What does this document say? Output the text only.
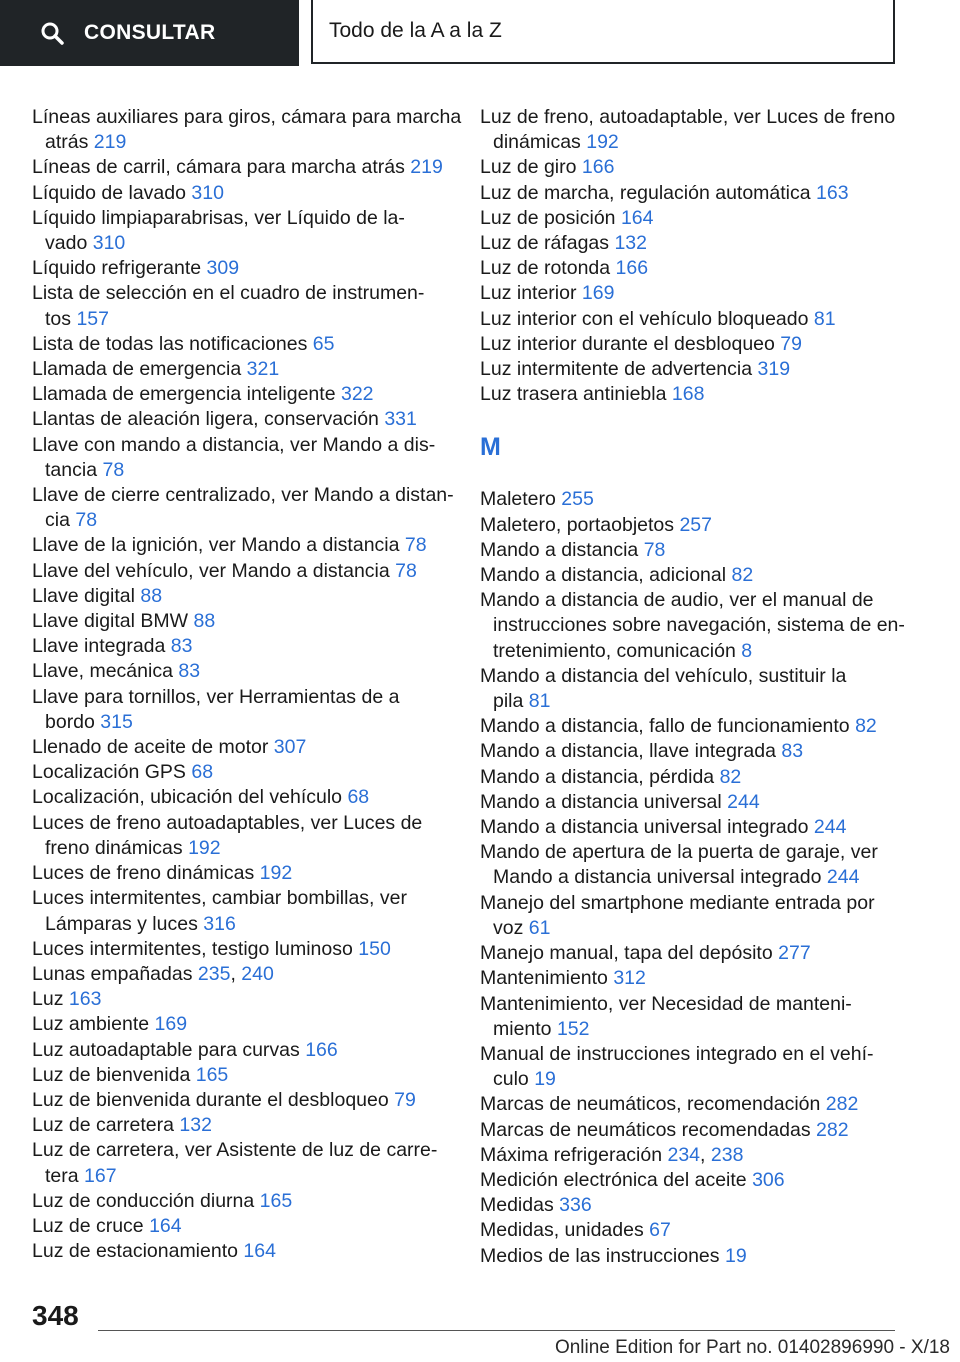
CONSULTAR	Todo de la A a la Z
Líneas auxiliares para giros, cámara para marcha
atrás 219
Líneas de carril, cámara para marcha atrás 219
Líquido de lavado 310
Líquido limpiaparabrisas, ver Líquido de la-
vado 310
Líquido refrigerante 309
Lista de selección en el cuadro de instrumen-
tos 157
Lista de todas las notificaciones 65
Llamada de emergencia 321
Llamada de emergencia inteligente 322
Llantas de aleación ligera, conservación 331
Llave con mando a distancia, ver Mando a dis-
tancia 78
Llave de cierre centralizado, ver Mando a distan-
cia 78
Llave de la ignición, ver Mando a distancia 78
Llave del vehículo, ver Mando a distancia 78
Llave digital 88
Llave digital BMW 88
Llave integrada 83
Llave, mecánica 83
Llave para tornillos, ver Herramientas de a
bordo 315
Llenado de aceite de motor 307
Localización GPS 68
Localización, ubicación del vehículo 68
Luces de freno autoadaptables, ver Luces de
freno dinámicas 192
Luces de freno dinámicas 192
Luces intermitentes, cambiar bombillas, ver
Lámparas y luces 316
Luces intermitentes, testigo luminoso 150
Lunas empañadas 235, 240
Luz 163
Luz ambiente 169
Luz autoadaptable para curvas 166
Luz de bienvenida 165
Luz de bienvenida durante el desbloqueo 79
Luz de carretera 132
Luz de carretera, ver Asistente de luz de carre-
tera 167
Luz de conducción diurna 165
Luz de cruce 164
Luz de estacionamiento 164
Luz de freno, autoadaptable, ver Luces de freno
dinámicas 192
Luz de giro 166
Luz de marcha, regulación automática 163
Luz de posición 164
Luz de ráfagas 132
Luz de rotonda 166
Luz interior 169
Luz interior con el vehículo bloqueado 81
Luz interior durante el desbloqueo 79
Luz intermitente de advertencia 319
Luz trasera antiniebla 168
M
Maletero 255
Maletero, portaobjetos 257
Mando a distancia 78
Mando a distancia, adicional 82
Mando a distancia de audio, ver el manual de
instrucciones sobre navegación, sistema de en-
tretenimiento, comunicación 8
Mando a distancia del vehículo, sustituir la
pila 81
Mando a distancia, fallo de funcionamiento 82
Mando a distancia, llave integrada 83
Mando a distancia, pérdida 82
Mando a distancia universal 244
Mando a distancia universal integrado 244
Mando de apertura de la puerta de garaje, ver
Mando a distancia universal integrado 244
Manejo del smartphone mediante entrada por
voz 61
Manejo manual, tapa del depósito 277
Mantenimiento 312
Mantenimiento, ver Necesidad de manteni-
miento 152
Manual de instrucciones integrado en el vehí-
culo 19
Marcas de neumáticos, recomendación 282
Marcas de neumáticos recomendadas 282
Máxima refrigeración 234, 238
Medición electrónica del aceite 306
Medidas 336
Medidas, unidades 67
Medios de las instrucciones 19
348
Online Edition for Part no. 01402896990 - X/18
